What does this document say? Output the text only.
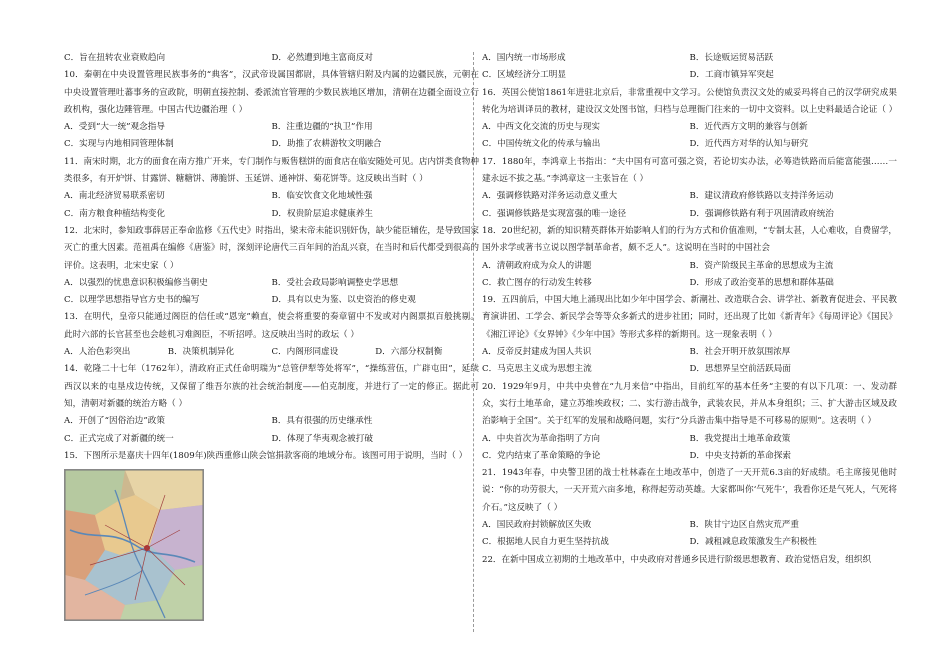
C．旨在扭转农业衰败趋向	D．必然遭到地主富商反对
10．秦朝在中央设置管理民族事务的“典客”，汉武帝设属国都尉，具体管辖归附及内属的边疆民族，元朝在中央设置管理吐蕃事务的宣政院，明朝直接控制、委派流官管理的少数民族地区增加，清朝在边疆全面设立行政机构，强化边陲管理。中国古代边疆治理（ ）
A．受到“大一统”观念指导	B．注重边疆的“执卫”作用
C．实现与内地相同管理体制	D．助推了农耕游牧文明融合
11．南宋时期，北方的面食在南方推广开来，专门制作与贩售糕饼的面食店在临安随处可见。店内饼类食物种类很多，有开炉饼、甘露饼、糖糖饼、薄脆饼、玉延饼、通神饼、菊花饼等。这反映出当时（ ）
A．南北经济贸易联系密切	B．临安饮食文化地域性强
C．南方粮食种植结构变化	D．权贵阶层追求健康养生
12．北宋时，参知政事薛居正奉命监修《五代史》时指出，梁末帝未能识别奸伪，缺少能臣辅佐，是导致国家灭亡的重大因素。范祖禹在编修《唐鉴》时，深刻评论唐代三百年间的治乱兴衰，在当时和后代都受到很高的评价。这表明，北宋史家（ ）
A．以强烈的忧患意识积极编修当朝史	B．受社会政局影响调整史学思想
C．以理学思想指导官方史书的编写	D．具有以史为鉴、以史资治的修史观
13．在明代，皇帝只能通过阁臣的信任或“恩宠”赖直，使会将重要的奏章留中不发或对内阁票拟百般挑剔。此时六部的长官甚至也会趁机习难阁臣，不听招呼。这反映出当时的政坛（ ）
A．人治色彩突出	B．决策机制异化	C．内阁形同虚设	D．六部分权制衡
14．乾隆二十七年（1762年），清政府正式任命明瑞为“总管伊犁等处将军”，“操练营伍，广辟屯田”，延续西汉以来的屯垦戍边传统，又保留了维吾尔族的社会统治制度——伯克制度，并进行了一定的修正。据此可知，清朝对新疆的统治方略（ ）
A．开创了“因俗治边”政策	B．具有很强的历史继承性
C．正式完成了对新疆的统一	D．体现了华夷观念被打破
15．下图所示是嘉庆十四年(1809年)陕西重修山陕会馆捐款客商的地域分布。该图可用于说明，当时（ ）
A．国内统一市场形成	B．长途贩运贸易活跃
C．区域经济分工明显	D．工商市镇异军突起
16．英国公使馆1861年进驻北京后，非常重视中文学习。公使馆负责汉文处的威妥玛将自己的汉学研究成果转化为培训译员的教材，建设汉文处图书馆，归档与总理衙门往来的一切中文资料。以上史料最适合论证（ ）
A．中西文化交流的历史与现实	B．近代西方文明的兼容与创新
C．中国传统文化的传承与输出	D．近代西方对华的认知与研究
17．1880年，李鸿章上书指出：“夫中国有可富可强之资，若论切实办法，必筹造铁路而后能富能强……一建永远不拔之基。”李鸿章这一主张旨在（ ）
A．强调修铁路对洋务运动意义重大	B．建议清政府修铁路以支持洋务运动
C．强调修铁路是实现富强的唯一途径	D．强调修铁路有利于巩固清政府统治
18．20世纪初，新的知识精英群体开始影响人们的行为方式和价值准则，“专制太甚，人心难收，自费留学，国外求学或著书立说以图学制革命者，颇不乏人”。这说明在当时的中国社会
A．清朝政府成为众人的讲题	B．资产阶级民主革命的思想成为主流
C．救亡图存的行动发生转移	D．形成了政治变革的思想和群体基础
19．五四前后，中国大地上涌现出比如少年中国学会、新潮社、改造联合会、讲学社、新教育促进会、平民教育演讲团、工学会、新民学会等等众多新式的进步社团；同时，还出现了比如《新青年》《每周评论》《国民》《湘江评论》《女界钟》《少年中国》等形式多样的新期刊。这一现象表明（ ）
A．反帝反封建成为国人共识	B．社会开明开放氛围浓厚
C．马克思主义成为思想主流	D．思想界呈空前活跃局面
20．1929年9月，中共中央曾在“九月来信”中指出，目前红军的基本任务“主要的有以下几项：一、发动群众，实行土地革命，建立苏维埃政权；二、实行游击战争，武装农民，并从本身组织；三、扩大游击区域及政治影响于全国”。关于红军的发展和战略问题，实行“分兵游击集中指导是不可移易的原则”。这表明（ ）
A．中央首次为革命指明了方向	B．我党提出土地革命政策
C．党内结束了革命策略的争论	D．中央支持新的革命探索
21．1943年春，中央警卫团的战士杜林森在土地改革中，创造了一天开荒6.3亩的好成绩。毛主席接见他时说：“你的功劳很大，一天开荒六亩多地，称得起劳动英雄。大家都叫你‘气死牛’，我看你还是气死人，气死将介石。”这反映了（ ）
A．国民政府封锁解放区失败	B．陕甘宁边区自然灾荒严重
C．根据地人民自力更生坚持抗战	D．减租减息政策激发生产积极性
22．在新中国成立初期的土地改革中，中央政府对普通乡民进行阶级思想教育、政治觉悟启发，组织织
